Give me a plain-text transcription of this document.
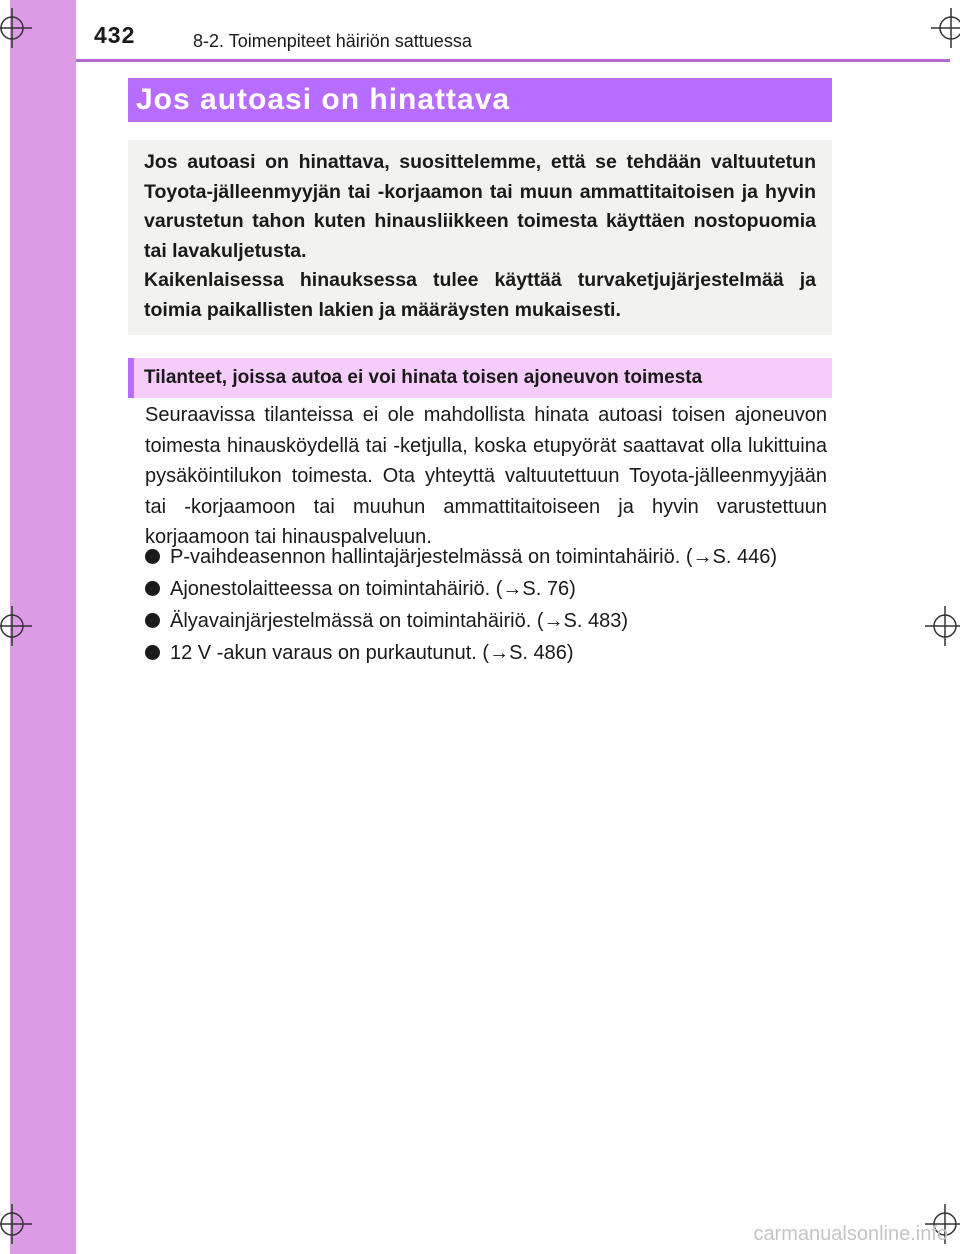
432	8-2. Toimenpiteet häiriön sattuessa
Jos autoasi on hinattava

Jos autoasi on hinattava, suosittelemme, että se tehdään valtuutetun Toyota-jälleenmyyjän tai -korjaamon tai muun ammattitaitoisen ja hyvin varustetun tahon kuten hinausliikkeen toimesta käyttäen nostopuomia tai lavakuljetusta.
Kaikenlaisessa hinauksessa tulee käyttää turvaketjujärjestelmää ja toimia paikallisten lakien ja määräysten mukaisesti.

Tilanteet, joissa autoa ei voi hinata toisen ajoneuvon toimesta

Seuraavissa tilanteissa ei ole mahdollista hinata autoasi toisen ajoneuvon toimesta hinausköydellä tai -ketjulla, koska etupyörät saattavat olla lukittuina pysäköintilukon toimesta. Ota yhteyttä valtuutettuun Toyota-jälleenmyyjään tai -korjaamoon tai muuhun ammattitaitoiseen ja hyvin varustettuun korjaamoon tai hinauspalveluun.

P-vaihdeasennon hallintajärjestelmässä on toimintahäiriö. (→S. 446)
Ajonestolaitteessa on toimintahäiriö. (→S. 76)
Älyavainjärjestelmässä on toimintahäiriö. (→S. 483)
12 V -akun varaus on purkautunut. (→S. 486)
carmanualsonline.info
